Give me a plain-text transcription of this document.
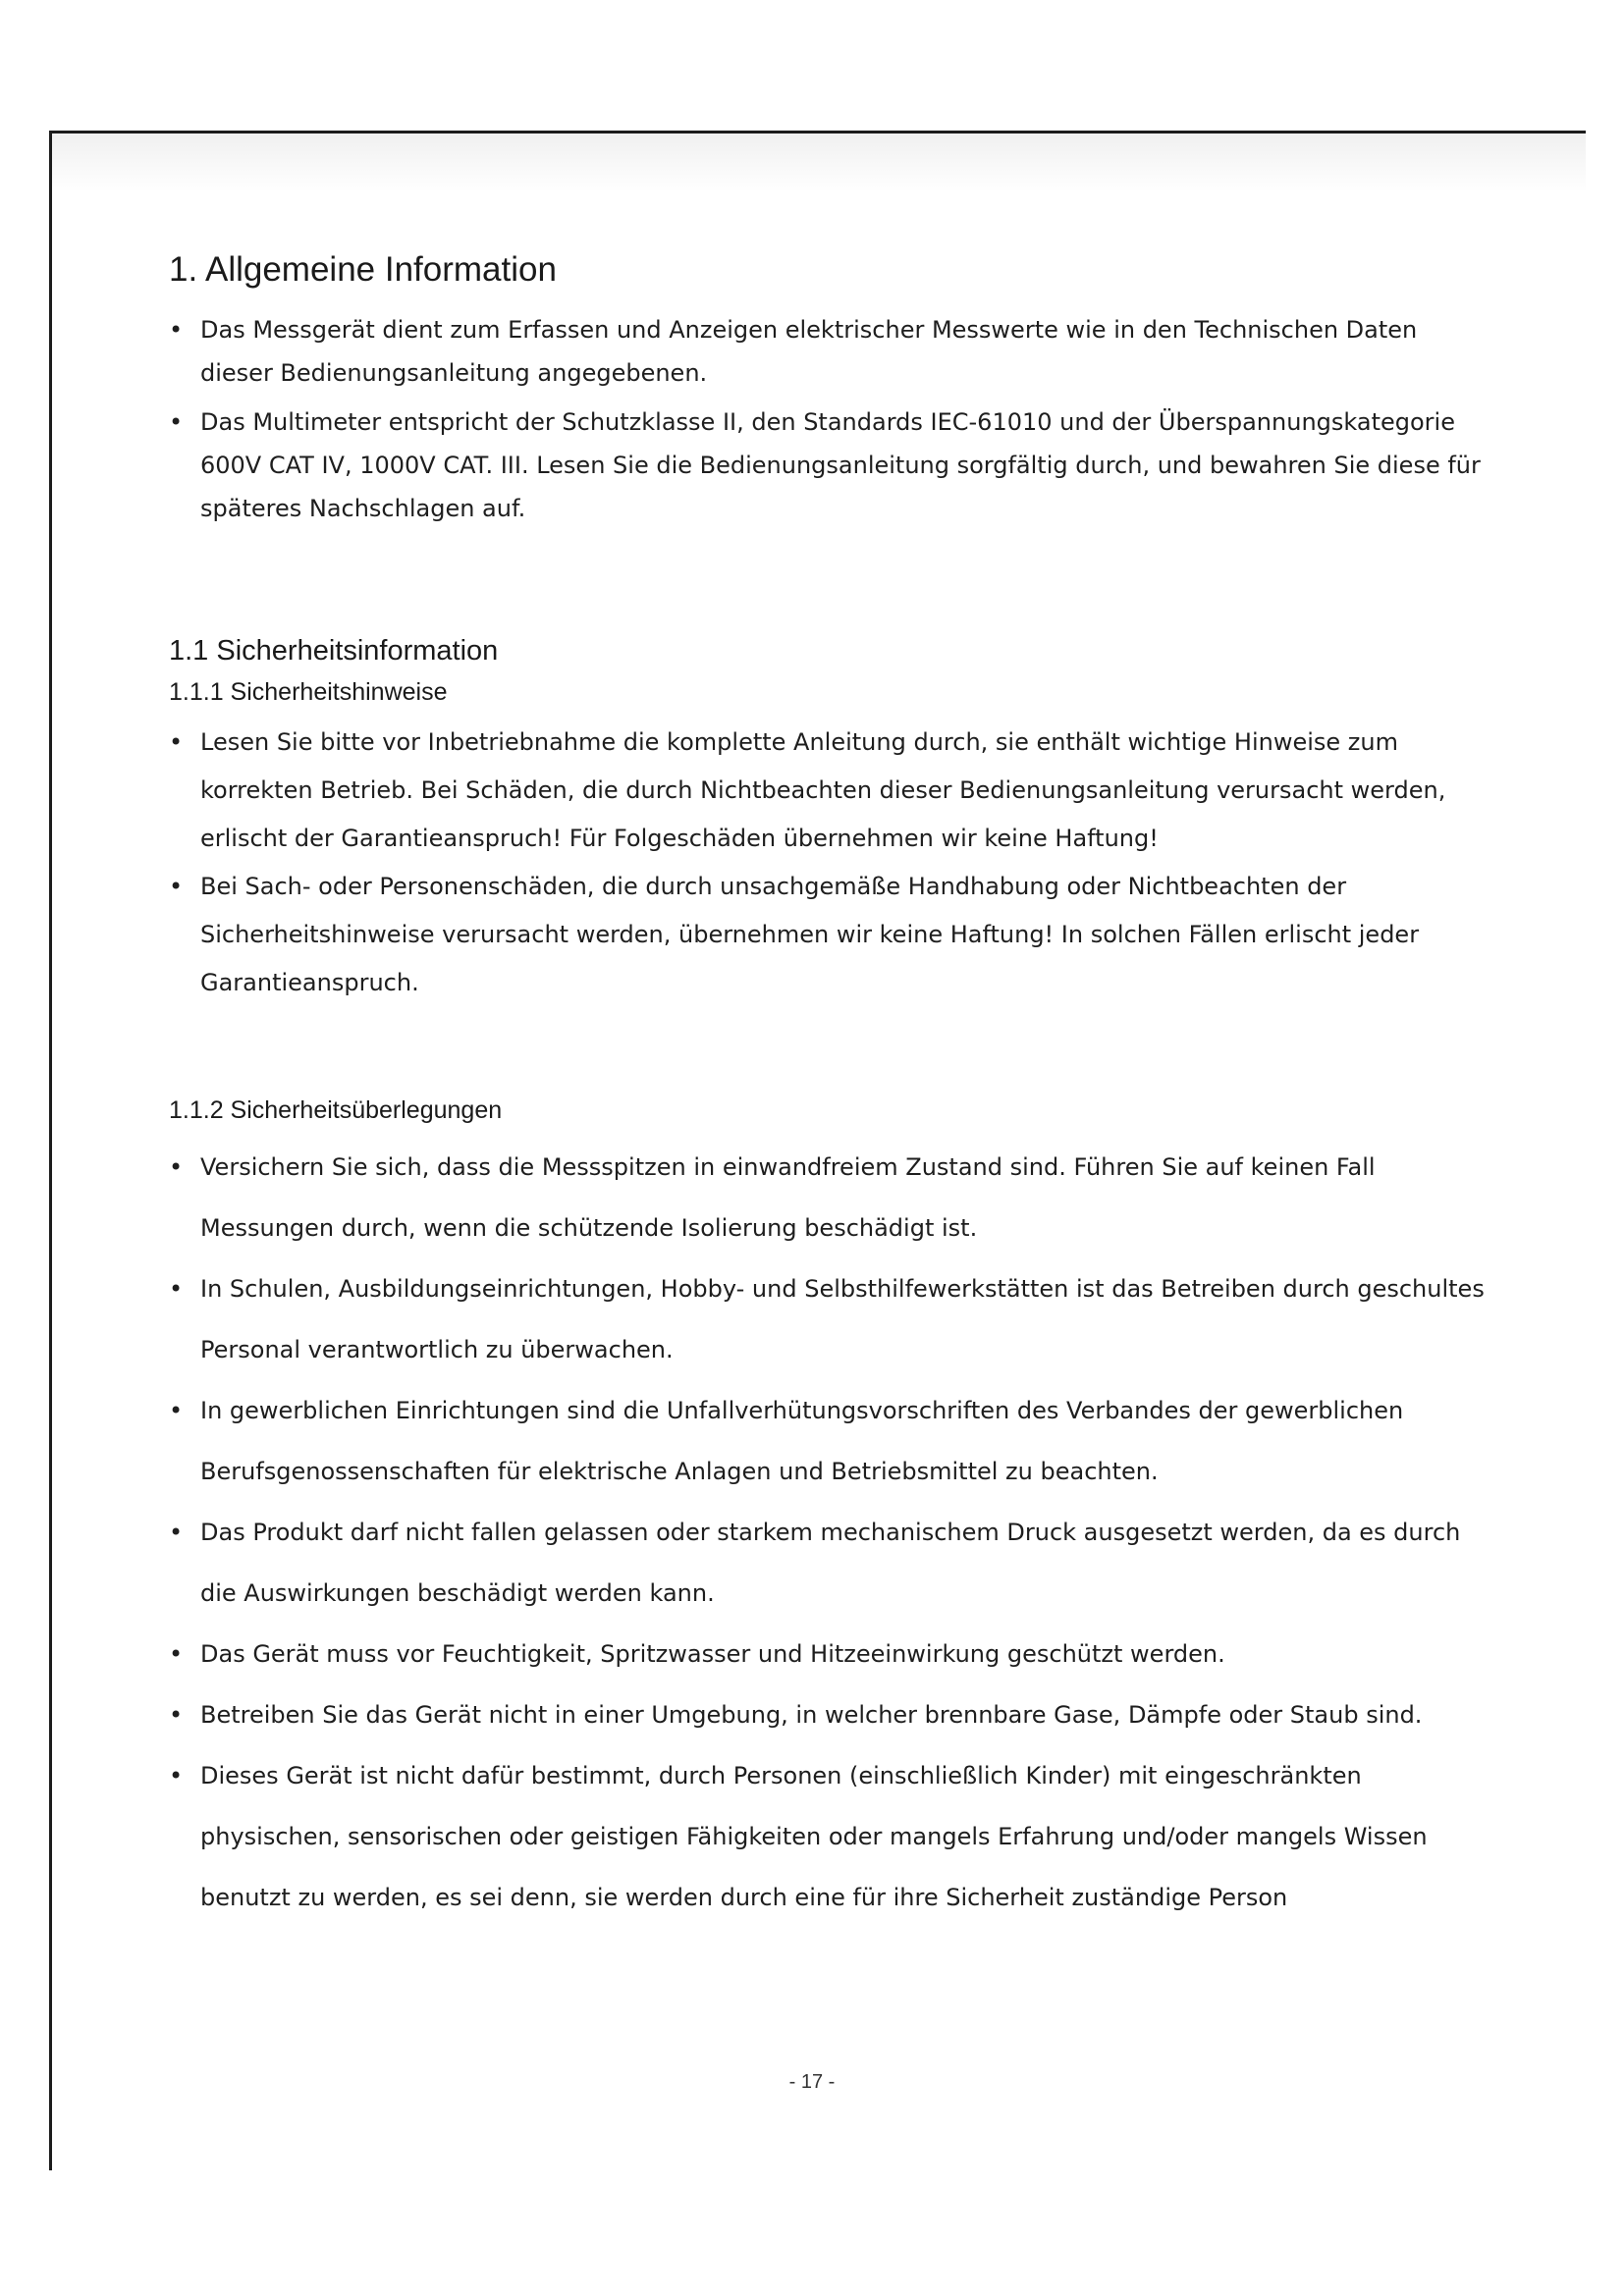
1. Allgemeine Information
• Das Messgerät dient zum Erfassen und Anzeigen elektrischer Messwerte wie in den Technischen Daten dieser Bedienungsanleitung angegebenen.
• Das Multimeter entspricht der Schutzklasse II, den Standards IEC-61010 und der Überspannungskategorie 600V CAT IV, 1000V CAT. III. Lesen Sie die Bedienungsanleitung sorgfältig durch, und bewahren Sie diese für späteres Nachschlagen auf.
1.1 Sicherheitsinformation
1.1.1 Sicherheitshinweise
• Lesen Sie bitte vor Inbetriebnahme die komplette Anleitung durch, sie enthält wichtige Hinweise zum korrekten Betrieb. Bei Schäden, die durch Nichtbeachten dieser Bedienungsanleitung verursacht werden, erlischt der Garantieanspruch! Für Folgeschäden übernehmen wir keine Haftung!
• Bei Sach- oder Personenschäden, die durch unsachgemäße Handhabung oder Nichtbeachten der Sicherheitshinweise verursacht werden, übernehmen wir keine Haftung! In solchen Fällen erlischt jeder Garantieanspruch.
1.1.2 Sicherheitsüberlegungen
• Versichern Sie sich, dass die Messspitzen in einwandfreiem Zustand sind. Führen Sie auf keinen Fall Messungen durch, wenn die schützende Isolierung beschädigt ist.
• In Schulen, Ausbildungseinrichtungen, Hobby- und Selbsthilfewerkstätten ist das Betreiben durch geschultes Personal verantwortlich zu überwachen.
• In gewerblichen Einrichtungen sind die Unfallverhütungsvorschriften des Verbandes der gewerblichen Berufsgenossenschaften für elektrische Anlagen und Betriebsmittel zu beachten.
• Das Produkt darf nicht fallen gelassen oder starkem mechanischem Druck ausgesetzt werden, da es durch die Auswirkungen beschädigt werden kann.
• Das Gerät muss vor Feuchtigkeit, Spritzwasser und Hitzeeinwirkung geschützt werden.
• Betreiben Sie das Gerät nicht in einer Umgebung, in welcher brennbare Gase, Dämpfe oder Staub sind.
• Dieses Gerät ist nicht dafür bestimmt, durch Personen (einschließlich Kinder) mit eingeschränkten physischen, sensorischen oder geistigen Fähigkeiten oder mangels Erfahrung und/oder mangels Wissen benutzt zu werden, es sei denn, sie werden durch eine für ihre Sicherheit zuständige Person
- 17 -
